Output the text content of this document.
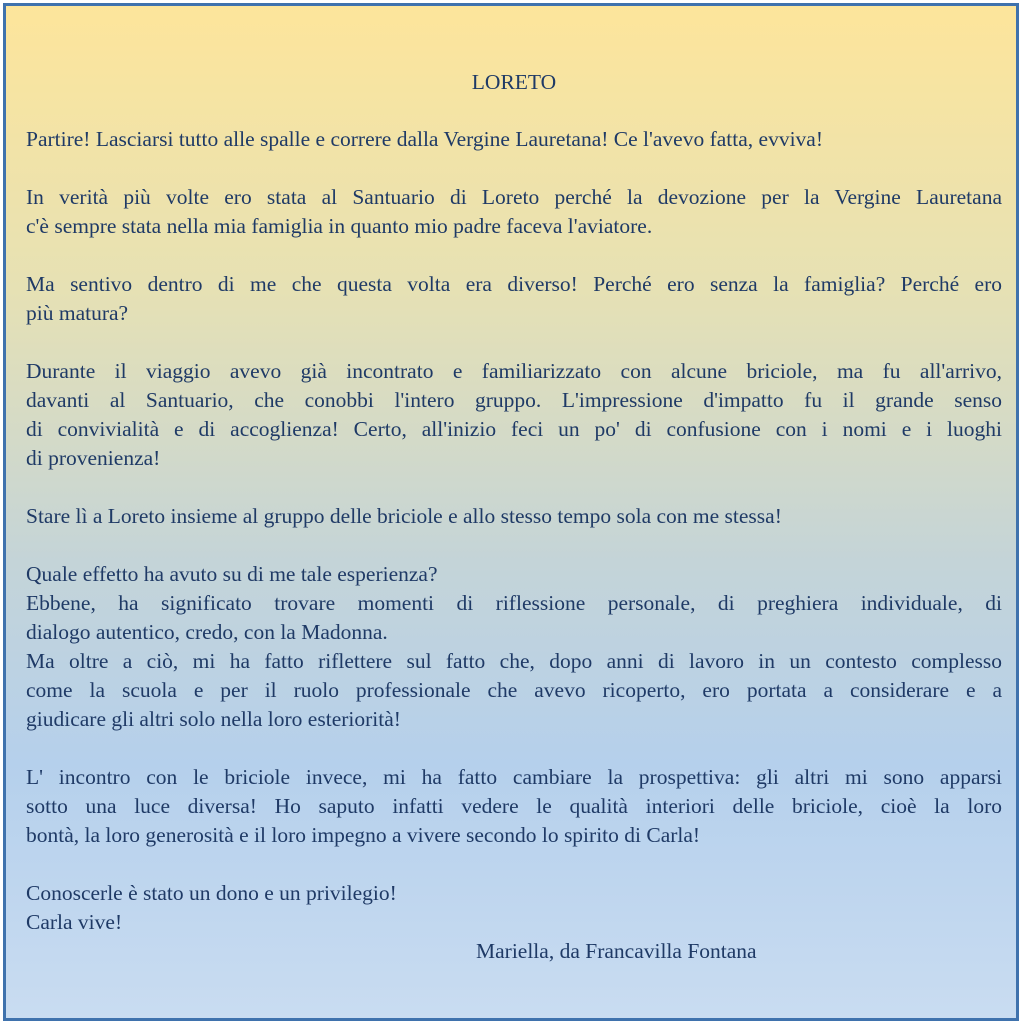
LORETO
Partire! Lasciarsi tutto alle spalle e correre dalla Vergine Lauretana! Ce l'avevo fatta, evviva!
In verità più volte ero stata al Santuario di Loreto perché la devozione per la Vergine Lauretana
c'è sempre stata nella mia famiglia in quanto mio padre faceva l'aviatore.
Ma sentivo dentro di me che questa volta era diverso! Perché ero senza la famiglia? Perché ero
più matura?
Durante il viaggio avevo già incontrato e familiarizzato con alcune briciole, ma fu all'arrivo,
davanti al Santuario, che conobbi l'intero gruppo. L'impressione d'impatto fu il grande senso
di convivialità e di accoglienza! Certo, all'inizio feci un po' di confusione con i nomi e i luoghi
di provenienza!
Stare lì a Loreto insieme al gruppo delle briciole e allo stesso tempo sola con me stessa!
Quale effetto ha avuto su di me tale esperienza?
Ebbene, ha significato trovare momenti di riflessione personale, di preghiera individuale, di
dialogo autentico, credo, con la Madonna.
Ma oltre a ciò, mi ha fatto riflettere sul fatto che, dopo anni di lavoro in un contesto complesso
come la scuola e per il ruolo professionale che avevo ricoperto, ero portata a considerare e a
giudicare gli altri solo nella loro esteriorità!
L' incontro con le briciole invece, mi ha fatto cambiare la prospettiva: gli altri mi sono apparsi
sotto una luce diversa! Ho saputo infatti vedere le qualità interiori delle briciole, cioè la loro
bontà, la loro generosità e il loro impegno a vivere secondo lo spirito di Carla!
Conoscerle è stato un dono e un privilegio!
Carla vive!
Mariella, da Francavilla Fontana
